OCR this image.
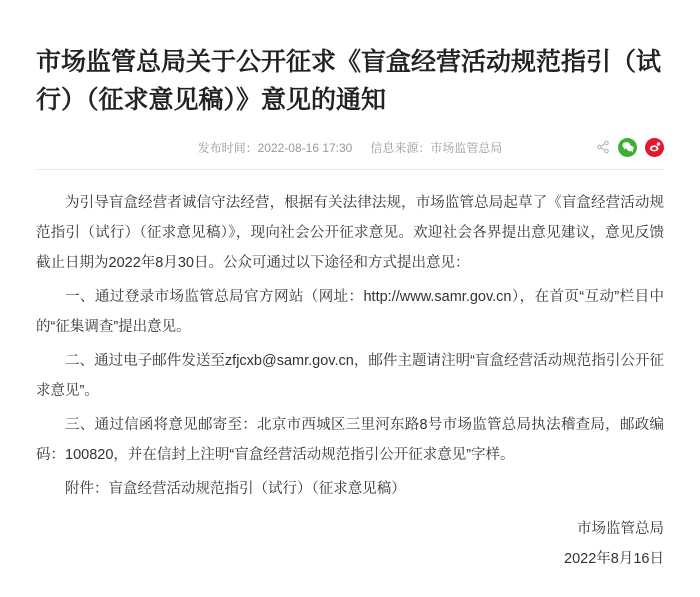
市场监管总局关于公开征求《盲盒经营活动规范指引（试行）（征求意见稿）》意见的通知
发布时间：2022-08-16 17:30 信息来源：市场监管总局

为引导盲盒经营者诚信守法经营，根据有关法律法规，市场监管总局起草了《盲盒经营活动规范指引（试行）（征求意见稿）》，现向社会公开征求意见。欢迎社会各界提出意见建议，意见反馈截止日期为2022年8月30日。公众可通过以下途径和方式提出意见：

一、通过登录市场监管总局官方网站（网址：http://www.samr.gov.cn），在首页“互动”栏目中的“征集调查”提出意见。

二、通过电子邮件发送至zfjcxb@samr.gov.cn，邮件主题请注明“盲盒经营活动规范指引公开征求意见”。

三、通过信函将意见邮寄至：北京市西城区三里河东路8号市场监管总局执法稽查局，邮政编码：100820，并在信封上注明“盲盒经营活动规范指引公开征求意见”字样。

附件：盲盒经营活动规范指引（试行）（征求意见稿）

市场监管总局
2022年8月16日
